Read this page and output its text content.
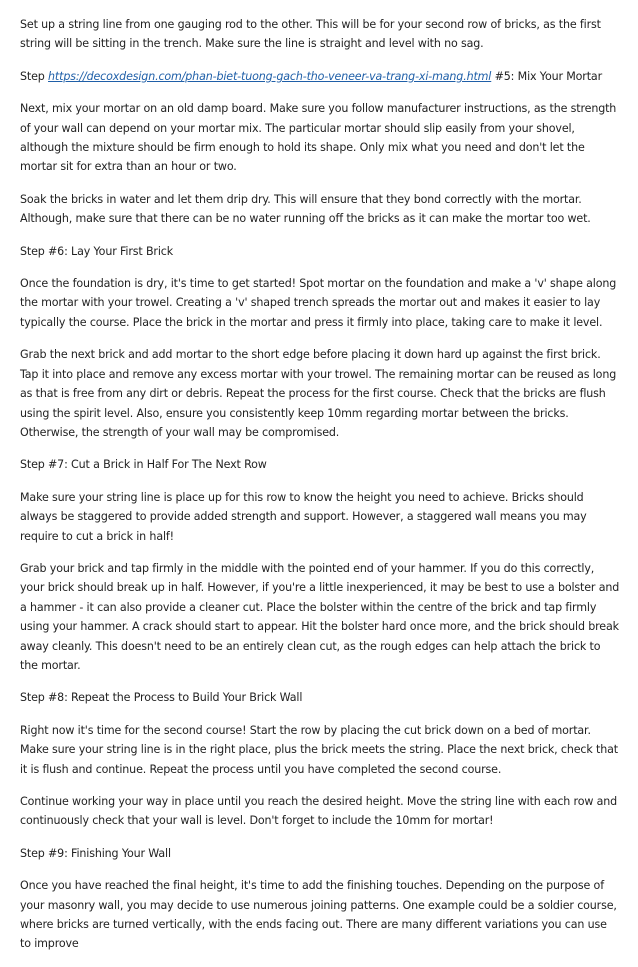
Set up a string line from one gauging rod to the other. This will be for your second row of bricks, as the first string will be sitting in the trench. Make sure the line is straight and level with no sag.

Step https://decoxdesign.com/phan-biet-tuong-gach-tho-veneer-va-trang-xi-mang.html #5: Mix Your Mortar

Next, mix your mortar on an old damp board. Make sure you follow manufacturer instructions, as the strength of your wall can depend on your mortar mix. The particular mortar should slip easily from your shovel, although the mixture should be firm enough to hold its shape. Only mix what you need and don't let the mortar sit for extra than an hour or two.

Soak the bricks in water and let them drip dry. This will ensure that they bond correctly with the mortar. Although, make sure that there can be no water running off the bricks as it can make the mortar too wet.

Step #6: Lay Your First Brick

Once the foundation is dry, it's time to get started! Spot mortar on the foundation and make a 'v' shape along the mortar with your trowel. Creating a 'v' shaped trench spreads the mortar out and makes it easier to lay typically the course. Place the brick in the mortar and press it firmly into place, taking care to make it level.

Grab the next brick and add mortar to the short edge before placing it down hard up against the first brick. Tap it into place and remove any excess mortar with your trowel. The remaining mortar can be reused as long as that is free from any dirt or debris. Repeat the process for the first course. Check that the bricks are flush using the spirit level. Also, ensure you consistently keep 10mm regarding mortar between the bricks. Otherwise, the strength of your wall may be compromised.

Step #7: Cut a Brick in Half For The Next Row

Make sure your string line is place up for this row to know the height you need to achieve. Bricks should always be staggered to provide added strength and support. However, a staggered wall means you may require to cut a brick in half!

Grab your brick and tap firmly in the middle with the pointed end of your hammer. If you do this correctly, your brick should break up in half. However, if you're a little inexperienced, it may be best to use a bolster and a hammer - it can also provide a cleaner cut. Place the bolster within the centre of the brick and tap firmly using your hammer. A crack should start to appear. Hit the bolster hard once more, and the brick should break away cleanly. This doesn't need to be an entirely clean cut, as the rough edges can help attach the brick to the mortar.

Step #8: Repeat the Process to Build Your Brick Wall

Right now it's time for the second course! Start the row by placing the cut brick down on a bed of mortar. Make sure your string line is in the right place, plus the brick meets the string. Place the next brick, check that it is flush and continue. Repeat the process until you have completed the second course.

Continue working your way in place until you reach the desired height. Move the string line with each row and continuously check that your wall is level. Don't forget to include the 10mm for mortar!

Step #9: Finishing Your Wall

Once you have reached the final height, it's time to add the finishing touches. Depending on the purpose of your masonry wall, you may decide to use numerous joining patterns. One example could be a soldier course, where bricks are turned vertically, with the ends facing out. There are many different variations you can use to improve
